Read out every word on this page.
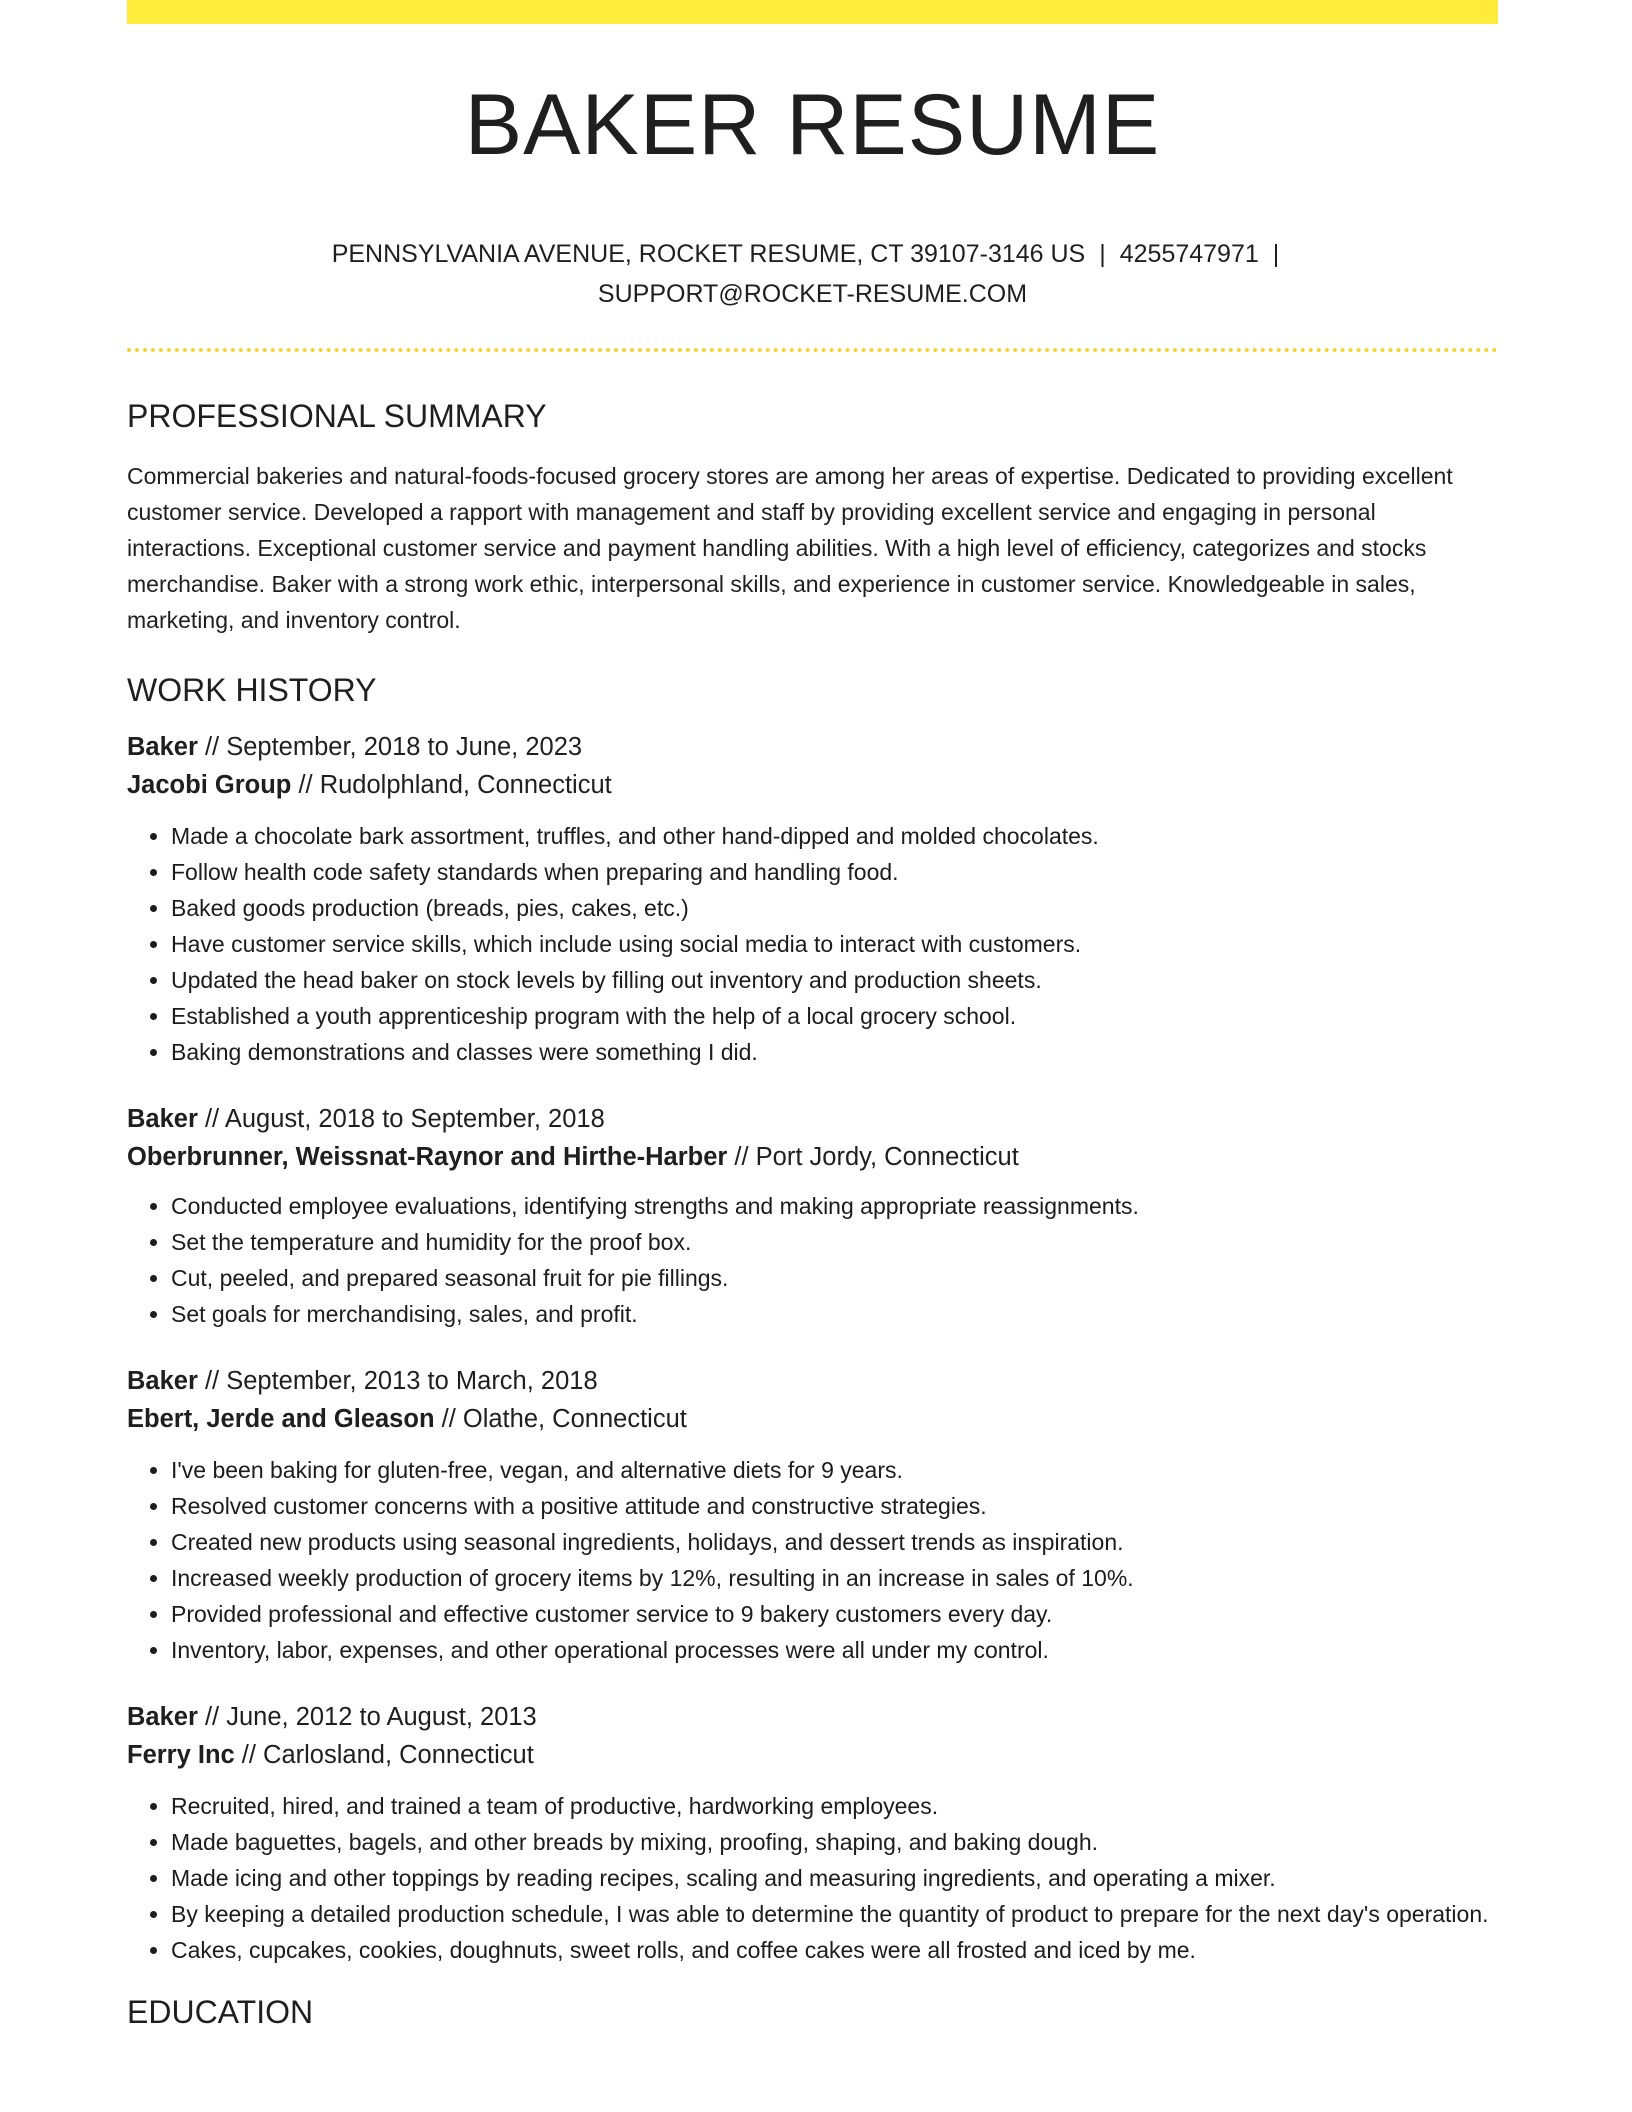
BAKER RESUME
PENNSYLVANIA AVENUE, ROCKET RESUME, CT 39107-3146 US | 4255747971 |
SUPPORT@ROCKET-RESUME.COM
PROFESSIONAL SUMMARY
Commercial bakeries and natural-foods-focused grocery stores are among her areas of expertise. Dedicated to providing excellent customer service. Developed a rapport with management and staff by providing excellent service and engaging in personal interactions. Exceptional customer service and payment handling abilities. With a high level of efficiency, categorizes and stocks merchandise. Baker with a strong work ethic, interpersonal skills, and experience in customer service. Knowledgeable in sales, marketing, and inventory control.
WORK HISTORY
Baker // September, 2018 to June, 2023
Jacobi Group // Rudolphland, Connecticut
• Made a chocolate bark assortment, truffles, and other hand-dipped and molded chocolates.
• Follow health code safety standards when preparing and handling food.
• Baked goods production (breads, pies, cakes, etc.)
• Have customer service skills, which include using social media to interact with customers.
• Updated the head baker on stock levels by filling out inventory and production sheets.
• Established a youth apprenticeship program with the help of a local grocery school.
• Baking demonstrations and classes were something I did.
Baker // August, 2018 to September, 2018
Oberbrunner, Weissnat-Raynor and Hirthe-Harber // Port Jordy, Connecticut
• Conducted employee evaluations, identifying strengths and making appropriate reassignments.
• Set the temperature and humidity for the proof box.
• Cut, peeled, and prepared seasonal fruit for pie fillings.
• Set goals for merchandising, sales, and profit.
Baker // September, 2013 to March, 2018
Ebert, Jerde and Gleason // Olathe, Connecticut
• I've been baking for gluten-free, vegan, and alternative diets for 9 years.
• Resolved customer concerns with a positive attitude and constructive strategies.
• Created new products using seasonal ingredients, holidays, and dessert trends as inspiration.
• Increased weekly production of grocery items by 12%, resulting in an increase in sales of 10%.
• Provided professional and effective customer service to 9 bakery customers every day.
• Inventory, labor, expenses, and other operational processes were all under my control.
Baker // June, 2012 to August, 2013
Ferry Inc // Carlosland, Connecticut
• Recruited, hired, and trained a team of productive, hardworking employees.
• Made baguettes, bagels, and other breads by mixing, proofing, shaping, and baking dough.
• Made icing and other toppings by reading recipes, scaling and measuring ingredients, and operating a mixer.
• By keeping a detailed production schedule, I was able to determine the quantity of product to prepare for the next day's operation.
• Cakes, cupcakes, cookies, doughnuts, sweet rolls, and coffee cakes were all frosted and iced by me.
EDUCATION
